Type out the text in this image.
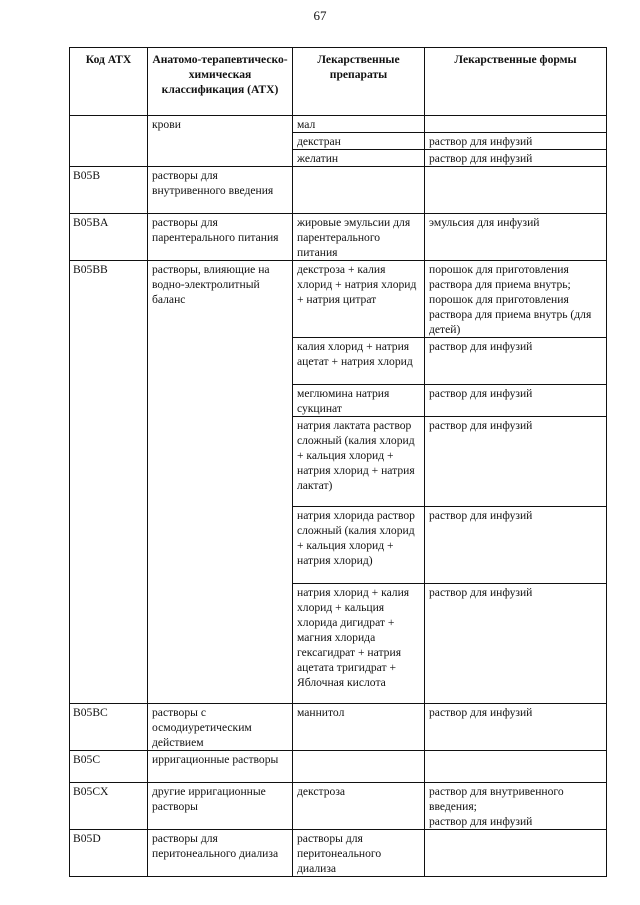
67
Код АТХ	Анатомо-терапевтическо-химическая классификация (АТХ)	Лекарственные препараты	Лекарственные формы
	крови	мал	
		декстран	раствор для инфузий
		желатин	раствор для инфузий
B05B	растворы для внутривенного введения		
B05BA	растворы для парентерального питания	жировые эмульсии для парентерального питания	эмульсия для инфузий
B05BB	растворы, влияющие на водно-электролитный баланс	декстроза + калия хлорид + натрия хлорид + натрия цитрат	порошок для приготовления раствора для приема внутрь;
порошок для приготовления раствора для приема внутрь (для детей)
		калия хлорид + натрия ацетат + натрия хлорид	раствор для инфузий
		меглюмина натрия сукцинат	раствор для инфузий
		натрия лактата раствор сложный (калия хлорид + кальция хлорид + натрия хлорид + натрия лактат)	раствор для инфузий
		натрия хлорида раствор сложный (калия хлорид + кальция хлорид + натрия хлорид)	раствор для инфузий
		натрия хлорид + калия хлорид + кальция хлорида дигидрат + магния хлорида гексагидрат + натрия ацетата тригидрат + Яблочная кислота	раствор для инфузий
B05BC	растворы с осмодиуретическим действием	маннитол	раствор для инфузий
B05C	ирригационные растворы		
B05CX	другие ирригационные растворы	декстроза	раствор для внутривенного введения;
раствор для инфузий
B05D	растворы для перитонеального диализа	растворы для перитонеального диализа	
